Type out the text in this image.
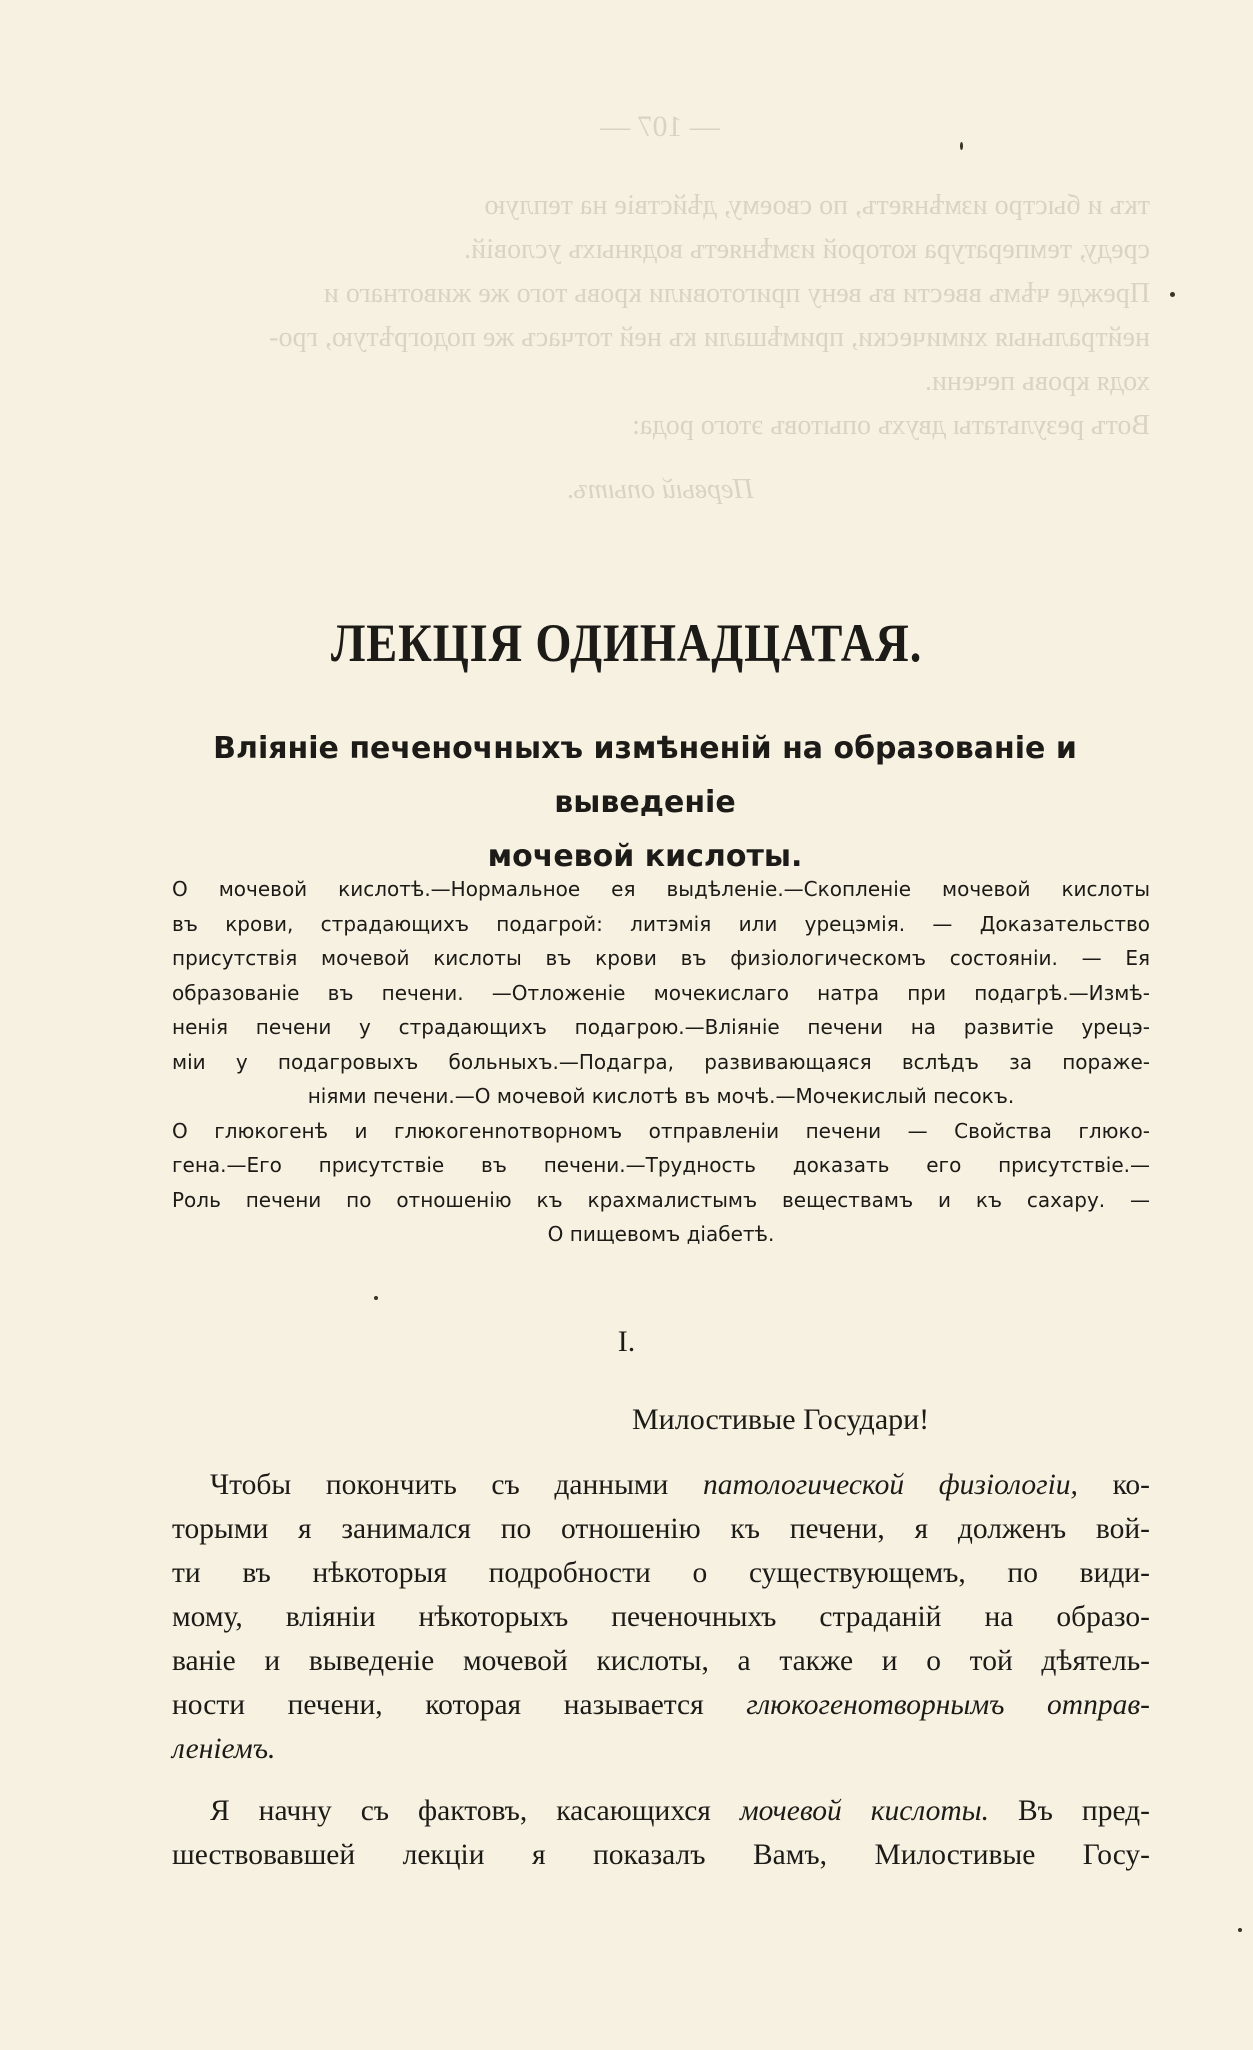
— 107 —
ткъ и быстро измѣняетъ, по своему, дѣйствіе на теплую
среду, температура которой измѣняетъ водяныхъ условій.
Прежде чѣмъ ввести въ вену приготовили кровь того же животнаго и
нейтральныя химически, примѣшали къ ней тотчасъ же подогрѣтую, гро-
ходя кровь печени.
Вотъ результаты двухъ опытовъ этого рода:
Первый опытъ.
ЛЕКЦІЯ ОДИНАДЦАТАЯ.
Вліяніе печеночныхъ измѣненій на образованіе и выведеніе
мочевой кислоты.
О мочевой кислотѣ.—Нормальное ея выдѣленіе.—Скопленіе мочевой кислоты
въ крови, страдающихъ подагрой: литэмія или урецэмія. — Доказательство
присутствія мочевой кислоты въ крови въ физіологическомъ состояніи. — Ея
образованіе въ печени. —Отложеніе мочекислаго натра при подагрѣ.—Измѣ-
ненія печени у страдающихъ подагрою.—Вліяніе печени на развитіе урецэ-
міи у подагровыхъ больныхъ.—Подагра, развивающаяся вслѣдъ за пораже-
ніями печени.—О мочевой кислотѣ въ мочѣ.—Мочекислый песокъ.
О глюкогенѣ и глюкогенnотворномъ отправленіи печени — Свойства глюко-
гена.—Его присутствіе въ печени.—Трудность доказать его присутствіе.—
Роль печени по отношенію къ крахмалистымъ веществамъ и къ сахару. —
О пищевомъ діабетѣ.
I.
Милостивые Государи!
Чтобы покончить съ данными патологической физіологіи, ко-
торыми я занимался по отношенію къ печени, я долженъ вой-
ти въ нѣкоторыя подробности о существующемъ, по види-
мому, вліяніи нѣкоторыхъ печеночныхъ страданій на образо-
ваніе и выведеніе мочевой кислоты, а также и о той дѣятель-
ности печени, которая называется глюкогенотворнымъ отправ-
леніемъ.
Я начну съ фактовъ, касающихся мочевой кислоты. Въ пред-
шествовавшей лекціи я показалъ Вамъ, Милостивые Госу-
